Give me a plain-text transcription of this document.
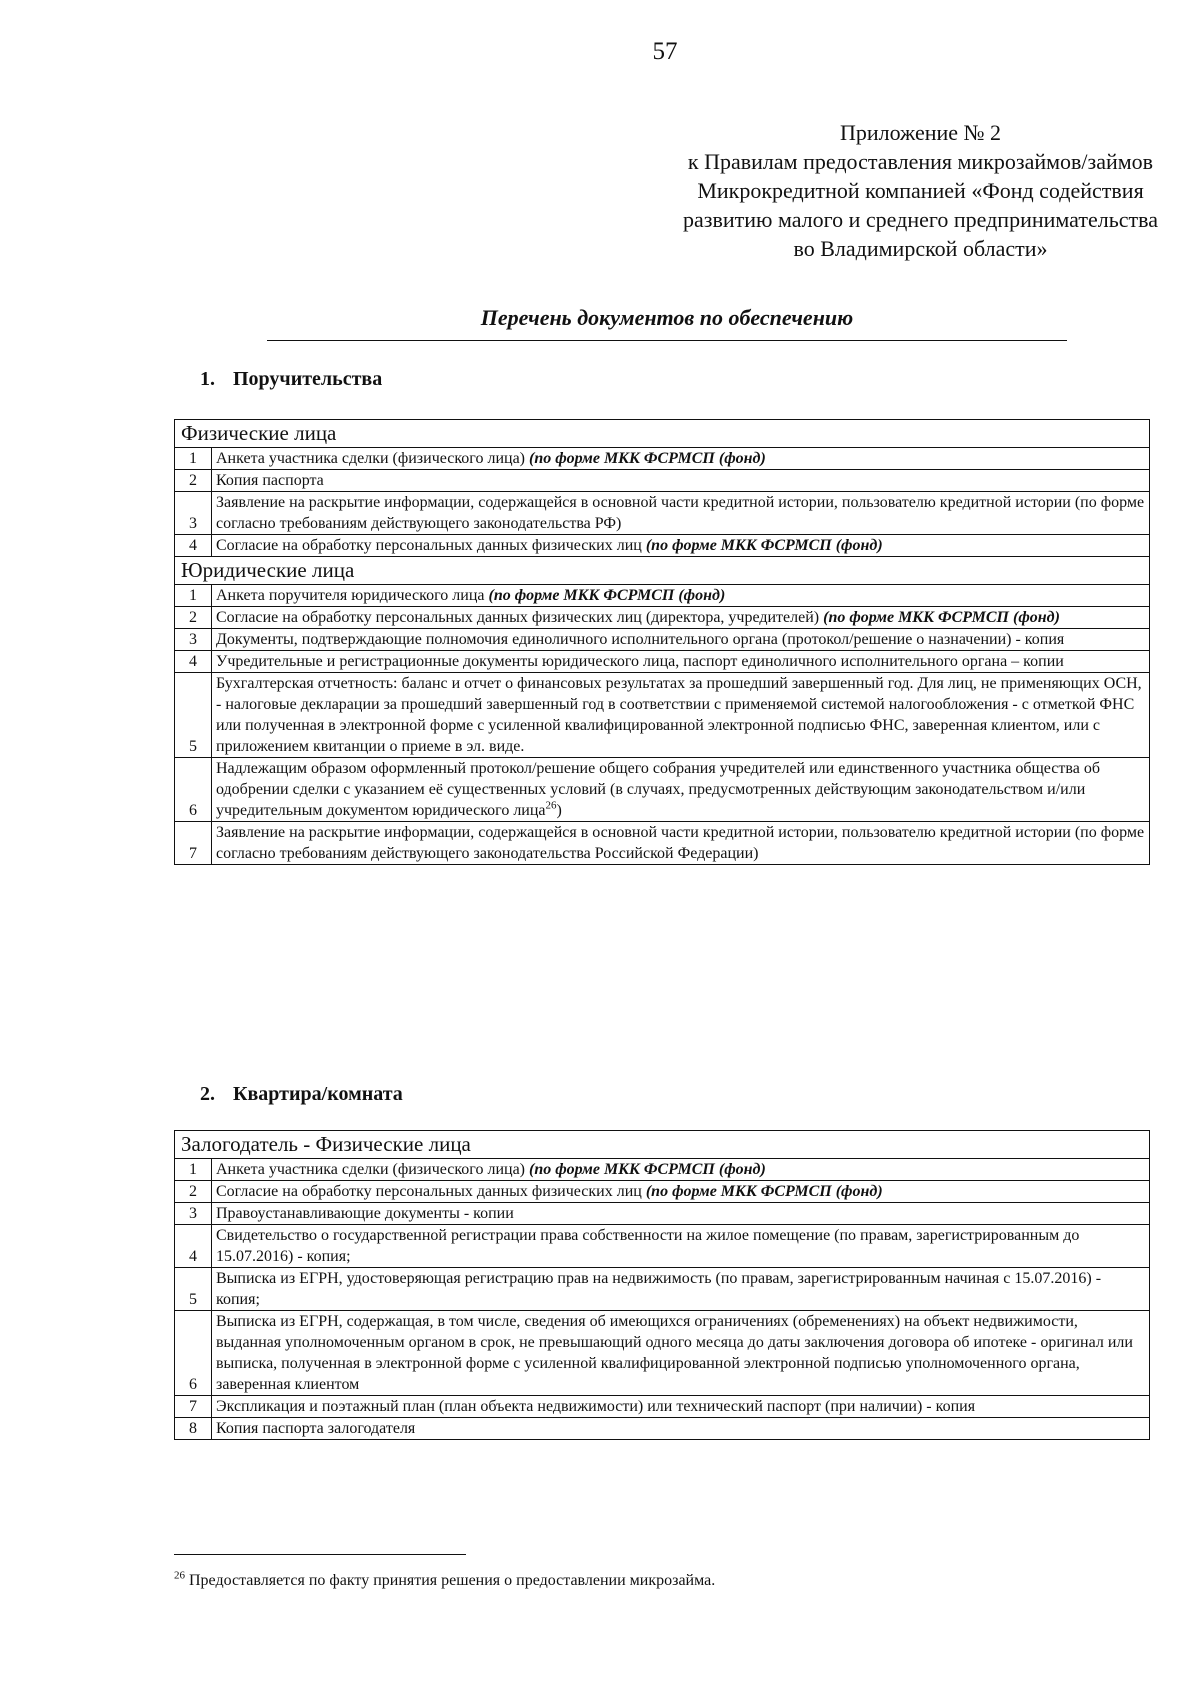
57
Приложение № 2
к Правилам предоставления микрозаймов/займов
Микрокредитной компанией «Фонд содействия
развитию малого и среднего предпринимательства
во Владимирской области»
Перечень документов по обеспечению
1. Поручительства
Физические лица	
1	Анкета участника сделки (физического лица) (по форме МКК ФСРМСП (фонд)
2	Копия паспорта
3	Заявление на раскрытие информации, содержащейся в основной части кредитной истории, пользователю кредитной истории (по форме согласно требованиям действующего законодательства РФ)
4	Согласие на обработку персональных данных физических лиц (по форме МКК ФСРМСП (фонд)
Юридические лица	
1	Анкета поручителя юридического лица (по форме МКК ФСРМСП (фонд)
2	Согласие на обработку персональных данных физических лиц (директора, учредителей) (по форме МКК ФСРМСП (фонд)
3	Документы, подтверждающие полномочия единоличного исполнительного органа (протокол/решение о назначении) - копия
4	Учредительные и регистрационные документы юридического лица, паспорт единоличного исполнительного органа – копии
5	Бухгалтерская отчетность: баланс и отчет о финансовых результатах за прошедший завершенный год. Для лиц, не применяющих ОСН, - налоговые декларации за прошедший завершенный год в соответствии с применяемой системой налогообложения - с отметкой ФНС или полученная в электронной форме с усиленной квалифицированной электронной подписью ФНС, заверенная клиентом, или с приложением квитанции о приеме в эл. виде.
6	Надлежащим образом оформленный протокол/решение общего собрания учредителей или единственного участника общества об одобрении сделки с указанием её существенных условий (в случаях, предусмотренных действующим законодательством и/или учредительным документом юридического лица$^{26}$)
7	Заявление на раскрытие информации, содержащейся в основной части кредитной истории, пользователю кредитной истории (по форме согласно требованиям действующего законодательства Российской Федерации)
2. Квартира/комната
Залогодатель - Физические лица	
1	Анкета участника сделки (физического лица) (по форме МКК ФСРМСП (фонд)
2	Согласие на обработку персональных данных физических лиц (по форме МКК ФСРМСП (фонд)
3	Правоустанавливающие документы - копии
4	Свидетельство о государственной регистрации права собственности на жилое помещение (по правам, зарегистрированным до 15.07.2016) - копия;
5	Выписка из ЕГРН, удостоверяющая регистрацию прав на недвижимость (по правам, зарегистрированным начиная с 15.07.2016) - копия;
6	Выписка из ЕГРН, содержащая, в том числе, сведения об имеющихся ограничениях (обременениях) на объект недвижимости, выданная уполномоченным органом в срок, не превышающий одного месяца до даты заключения договора об ипотеке - оригинал или выписка, полученная в электронной форме с усиленной квалифицированной электронной подписью уполномоченного органа, заверенная клиентом
7	Экспликация и поэтажный план (план объекта недвижимости) или технический паспорт (при наличии) - копия
8	Копия паспорта залогодателя
$^{26}$ Предоставляется по факту принятия решения о предоставлении микрозайма.
